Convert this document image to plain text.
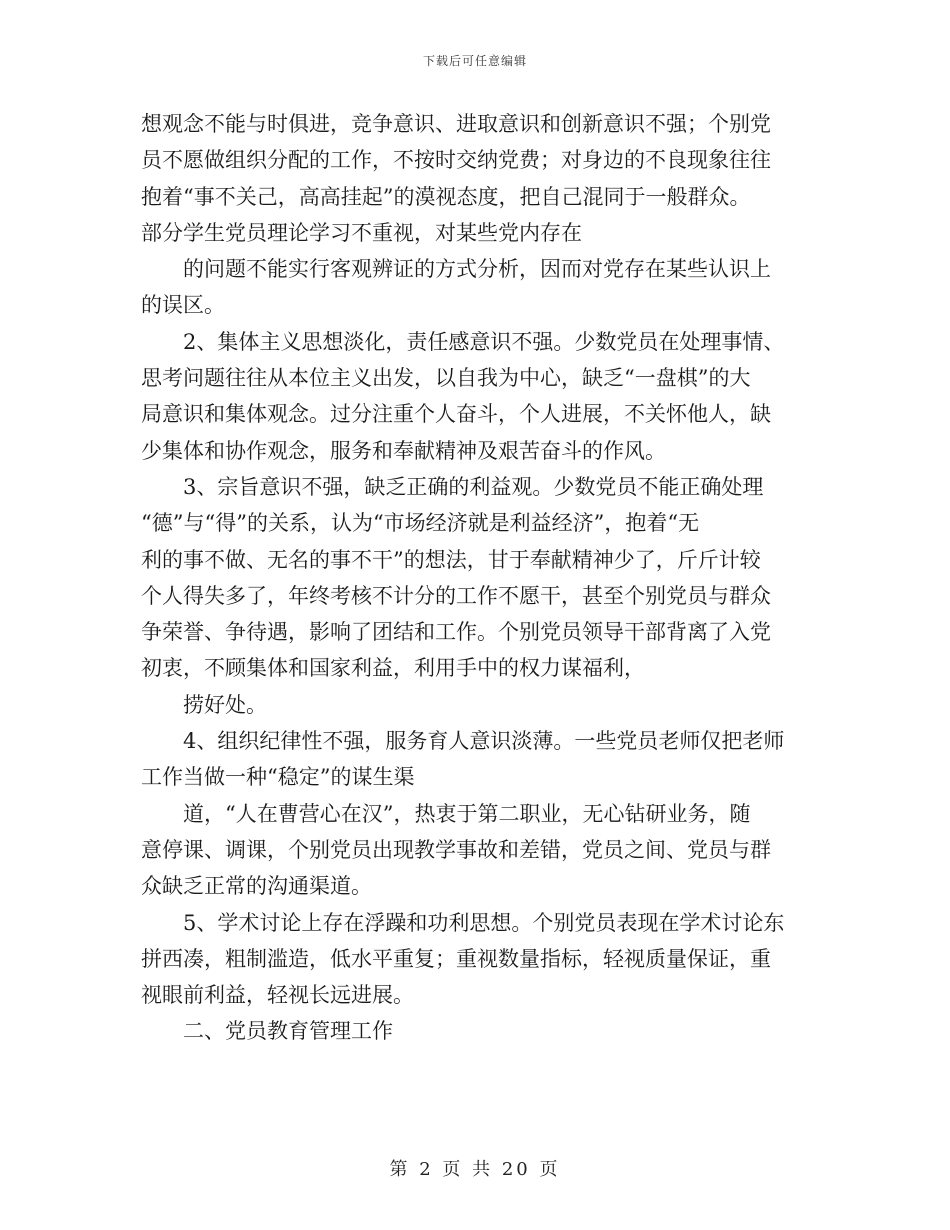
下载后可任意编辑

想观念不能与时俱进，竞争意识、进取意识和创新意识不强；个别党

员不愿做组织分配的工作，不按时交纳党费；对身边的不良现象往往

抱着“事不关己，高高挂起”的漠视态度，把自己混同于一般群众。

部分学生党员理论学习不重视，对某些党内存在

的问题不能实行客观辨证的方式分析，因而对党存在某些认识上

的误区。

2、集体主义思想淡化，责任感意识不强。少数党员在处理事情、

思考问题往往从本位主义出发，以自我为中心，缺乏“一盘棋”的大

局意识和集体观念。过分注重个人奋斗，个人进展，不关怀他人，缺

少集体和协作观念，服务和奉献精神及艰苦奋斗的作风。

3、宗旨意识不强，缺乏正确的利益观。少数党员不能正确处理

“德”与“得”的关系，认为“市场经济就是利益经济”，抱着“无

利的事不做、无名的事不干”的想法，甘于奉献精神少了，斤斤计较

个人得失多了，年终考核不计分的工作不愿干，甚至个别党员与群众

争荣誉、争待遇，影响了团结和工作。个别党员领导干部背离了入党

初衷，不顾集体和国家利益，利用手中的权力谋福利，

捞好处。

4、组织纪律性不强，服务育人意识淡薄。一些党员老师仅把老师

工作当做一种“稳定”的谋生渠

道，“人在曹营心在汉”，热衷于第二职业，无心钻研业务，随

意停课、调课，个别党员出现教学事故和差错，党员之间、党员与群

众缺乏正常的沟通渠道。

5、学术讨论上存在浮躁和功利思想。个别党员表现在学术讨论东

拼西凑，粗制滥造，低水平重复；重视数量指标，轻视质量保证，重

视眼前利益，轻视长远进展。

二、党员教育管理工作

第 2 页 共 20 页
